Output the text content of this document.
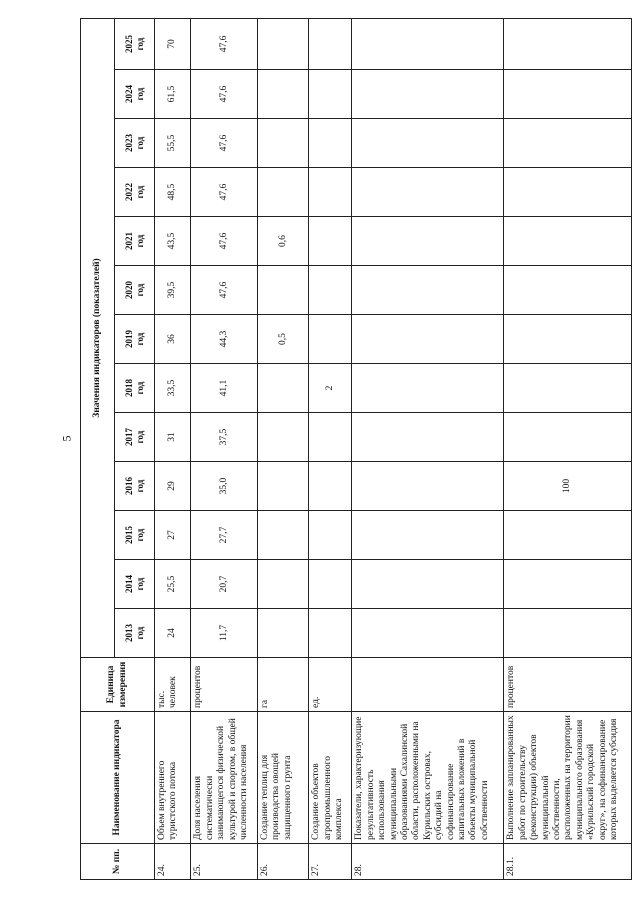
5
№ пп.	Наименование индикатора	Единица измерения	Значения индикаторов (показателей)												

			2013 год	2014 год	2015 год	2016 год	2017 год	2018 год	2019 год	2020 год	2021 год	2022 год	2023 год	2024 год	2025 год

24.	Объем внутреннего туристского потока	тыс. человек	24	25,5	27	29	31	33,5	36	39,5	43,5	48,5	55,5	61,5	70
25.	Доля населения систематически занимающегося физической культурой и спортом, в общей численности населения	процентов	11,7	20,7	27,7	35,0	37,5	41,1	44,3	47,6	47,6	47,6	47,6	47,6	47,6
26.	Создание теплиц для производства овощей защищенного грунта	га							0,5		0,6				
27.	Создание объектов агропромышленного комплекса	ед.						2							
28.	Показатели, характеризующие результативность использования муниципальными образованиями Сахалинской области, расположенными на Курильских островах, субсидий на софинансирование капитальных вложений в объекты муниципальной собственности														
28.1.	Выполнение запланированных работ по строительству (реконструкции) объектов муниципальной собственности, расположенных на территории муниципального образования «Курильский городской округ», на софинансирование которых выделяется субсидия	процентов				100									
